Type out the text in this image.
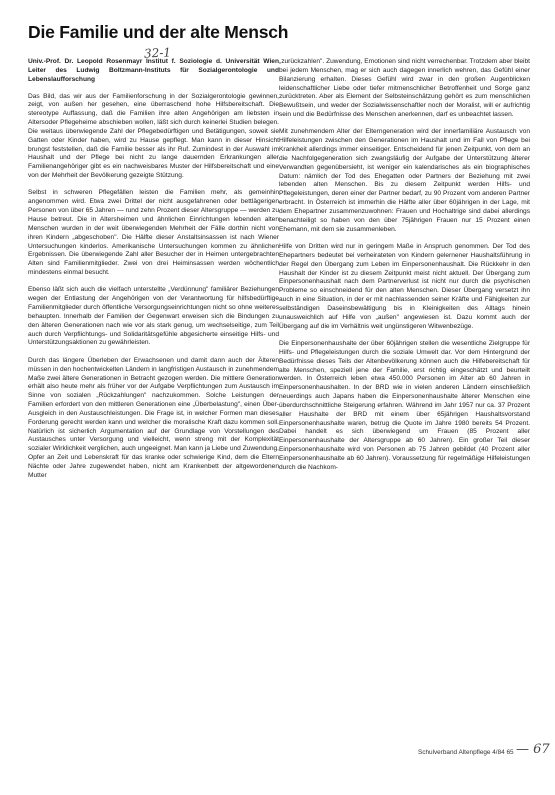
Die Familie und der alte Mensch
32-1

Univ.-Prof. Dr. Leopold Rosenmayr Institut f. Soziologie d. Universität Wien Leiter des Ludwig Boltzmann-Instituts für Sozialgerontologie und Lebenslaufforschung

Das Bild, das wir aus der Familienforschung in der Sozialgerontologie gewinnen, zeigt, von außen her gesehen, eine überraschend hohe Hilfsbereitschaft. Die stereotype Auffassung, daß die Familien ihre alten Angehörigen am liebsten in Altersoder Pflegeheime abschieben wollen, läßt sich durch keinerlei Studien belegen. Die weitaus überwiegende Zahl der Pflegebedürftigen und Betätigungen, soweit sie Gatten oder Kinder haben, wird zu Hause gepflegt. Man kann in dieser Hinsicht brungst feststellen, daß die Familie besser als ihr Ruf. Zumindest in der Auswahl im Haushalt und der Pflege bei nicht zu lange dauernden Erkrankungen aller Familienangehöriger gibt es ein nachweisbares Muster der Hilfsbereitschaft und eine von der Mehrheit der Bevölkerung gezeigte Stützung.

Selbst in schweren Pflegefällen leisten die Familien mehr, als gemeinhin angenommen wird. Etwa zwei Drittel der nicht ausgefahrenen oder bettlägerigen Personen von über 65 Jahren — rund zehn Prozent dieser Altersgruppe — werden zu Hause betreut. Die in Altersheimen und ähnlichen Einrichtungen lebenden alten Menschen wurden in der weit überwiegenden Mehrheit der Fälle dorthin nicht von ihren Kindern „abgeschoben". Die Hälfte dieser Anstaltsinsassen ist nach Wiener Untersuchungen kinderlos. Amerikanische Untersuchungen kommen zu ähnlichen Ergebnissen. Die überwiegende Zahl aller Besucher der in Heimen untergebrachten Alten sind Familienmitglieder. Zwei von drei Heiminsassen werden wöchentlich mindestens einmal besucht.

Ebenso läßt sich auch die vielfach unterstellte „Verdünnung" familiärer Beziehungen wegen der Entlastung der Angehörigen von der Verantwortung für hilfsbedürftige Familienmitglieder durch öffentliche Versorgungseinrichtungen nicht so ohne weiteres behaupten. Innerhalb der Familien der Gegenwart erweisen sich die Bindungen zu den älteren Generationen nach wie vor als stark genug, um wechselseitige, zum Teil auch durch Verpflichtungs- und Solidaritätsgefühle abgesicherte einseitige Hilfs- und Unterstützungsaktionen zu gewährleisten.

Durch das längere Überleben der Erwachsenen und damit dann auch der Älteren müssen in den hochentwickelten Ländern in langfristigen Austausch in zunehmendem Maße zwei ältere Generationen in Betracht gezogen werden. Die mittlere Generation erhält also heute mehr als früher vor der Aufgabe Verpflichtungen zum Austausch im Sinne von sozialen „Rückzahlungen" nachzukommen. Solche Leistungen der Familien erfordert von den mittleren Generationen eine „Überbelastung", einen Über-Ausgleich in den Austauschleistungen. Die Frage ist, in welcher Formen man dieses Forderung gerecht werden kann und welcher die moralische Kraft dazu kommen soll. Natürlich ist sicherlich Argumentation auf der Grundlage von Vorstellungen des Austausches unter Versorgung und vielleicht, wenn streng mit der Komplexität sozialer Wirklichkeit verglichen, auch ungeeignet. Man kann ja Liebe und Zuwendung, Opfer an Zeit und Lebenskraft für das kranke oder schwierige Kind, dem die Eltern Nächte oder Jahre zugewendet haben, nicht am Krankenbett der altgewordenen Mutter

„zurückzahlen". Zuwendung, Emotionen sind nicht verrechenbar. Trotzdem aber bleibt bei jedem Menschen, mag er sich auch dagegen innerlich wehren, das Gefühl einer Bilanzierung erhalten. Dieses Gefühl wird zwar in den großen Augenblicken leidenschaftlicher Liebe oder tiefer mitmenschlicher Betroffenheit und Sorge ganz zurücktreten. Aber als Element der Selbsteinschätzung gehört es zum menschlichen Bewußtsein, und weder der Sozialwissenschaftler noch der Moralist, will er aufrichtig sein und die Bedürfnisse des Menschen anerkennen, darf es unbeachtet lassen.

Mit zunehmendem Alter der Elterngeneration wird der innerfamiliäre Austausch von Hilfeleistungen zwischen den Generationen im Haushalt und im Fall von Pflege bei Krankheit allerdings immer einseitiger. Entscheidend für jenen Zeitpunkt, von dem an die Nachfolgegeneration sich zwangsläufig der Aufgabe der Unterstützung älterer Verwandten gegenübersieht, ist weniger ein kalendarisches als ein biographisches Datum: nämlich der Tod des Ehegatten oder Partners der Beziehung mit zwei lebenden alten Menschen. Bis zu diesem Zeitpunkt werden Hilfs- und Pflegeleistungen, deren einer der Partner bedarf, zu 90 Prozent vom anderen Partner erbracht. In Österreich ist immerhin die Hälfte aller über 60jährigen in der Lage, mit dem Ehepartner zusammenzuwohnen: Frauen und Hochaltrige sind dabei allerdings benachteiligt so haben von den über 75jährigen Frauen nur 15 Prozent einen Ehemann, mit dem sie zusammenleben.

Hilfe von Dritten wird nur in geringem Maße in Anspruch genommen. Der Tod des Ehepartners bedeutet bei verheirateten von Kindern gelernener Haushaltsführung in der Regel den Übergang zum Leben im Einpersonenhaushalt. Die Rückkehr in den Haushalt der Kinder ist zu diesem Zeitpunkt meist nicht aktuell. Der Übergang zum Einpersonenhaushalt nach dem Partnerverlust ist nicht nur durch die psychischen Probleme so einschneidend für den alten Menschen. Dieser Übergang versetzt ihn auch in eine Situation, in der er mit nachlassenden seiner Kräfte und Fähigkeiten zur selbständigen Daseinsbewältigung bis in Kleinigkeiten des Alltags hinein unausweichlich auf Hilfe von „außen" angewiesen ist. Dazu kommt auch der Übergang auf die im Verhältnis weit ungünstigeren Witwenbezüge.

Die Einpersonenhaushalte der über 60jährigen stellen die wesentliche Zielgruppe für Hilfs- und Pflegeleistungen durch die soziale Umwelt dar. Vor dem Hintergrund der Bedürfnisse dieses Teils der Altenbevölkerung können auch die Hilfebereitschaft für alte Menschen, speziell jene der Familie, erst richtig eingeschätzt und beurteilt werden. In Österreich leben etwa 450.000 Personen im Alter ab 60 Jahren in Einpersonenhaushalten. In der BRD wie in vielen anderen Ländern einschließlich neuerdings auch Japans haben die Einpersonenhaushalte älterer Menschen eine überdurchschnittliche Steigerung erfahren. Während im Jahr 1957 nur ca. 37 Prozent aller Haushalte der BRD mit einem über 65jährigen Haushaltsvorstand Einpersonenhaushalte waren, betrug die Quote im Jahre 1980 bereits 54 Prozent. Dabei handelt es sich überwiegend um Frauen (85 Prozent aller Einpersonenhaushalte der Altersgruppe ab 60 Jahren). Ein großer Teil dieser Einpersonenhaushalte wird von Personen ab 75 Jahren gebildet (40 Prozent aller Einpersonenhaushalte ab 60 Jahren). Voraussetzung für regelmäßige Hilfeleistungen durch die Nachkom-

Schulverband Altenpflege 4/84 65 — 67
